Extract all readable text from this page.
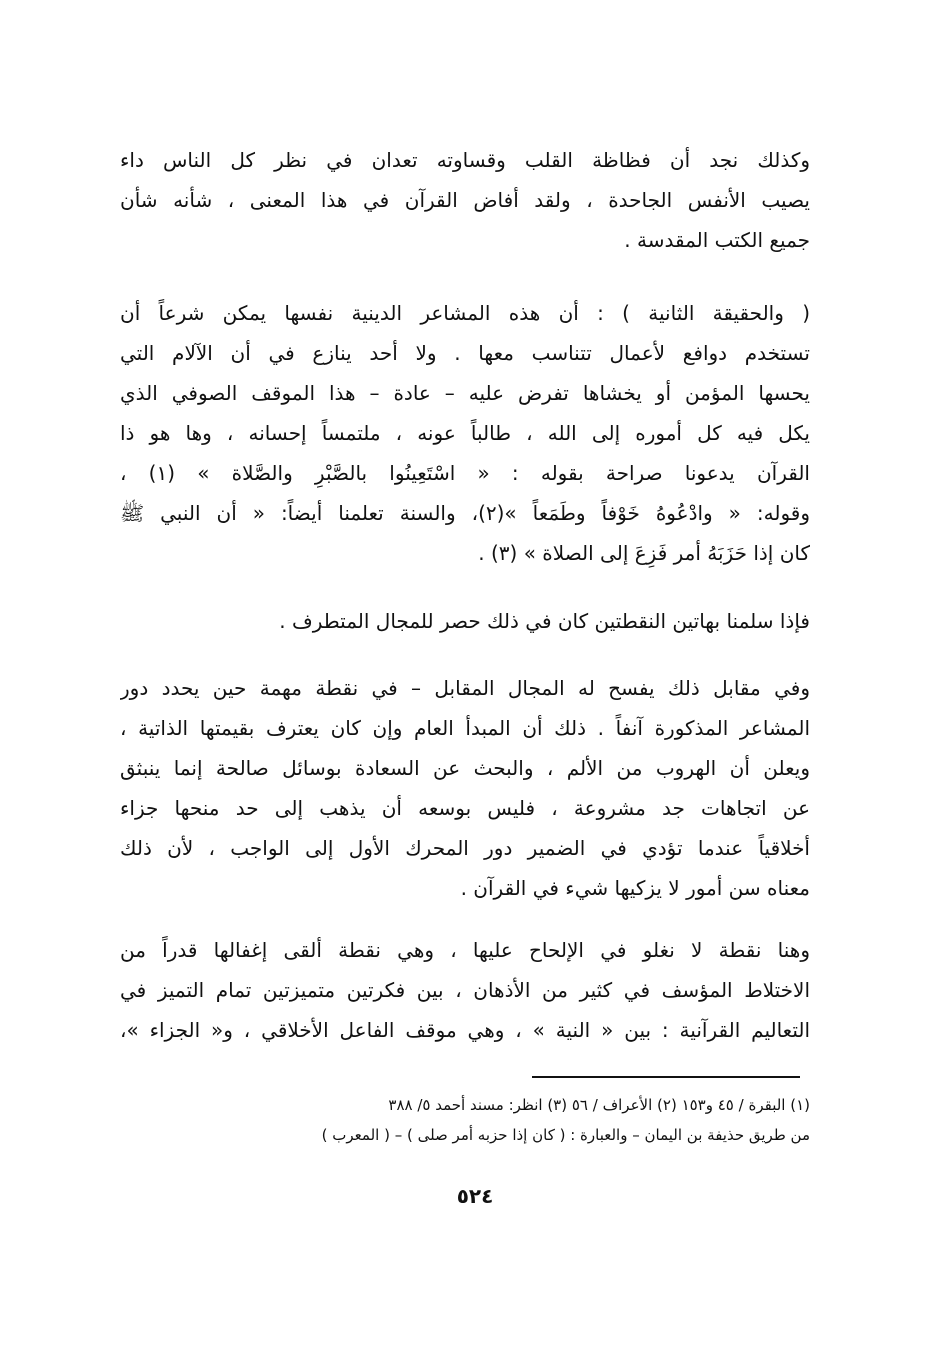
وكذلك نجد أن فظاظة القلب وقساوته تعدان في نظر كل الناس داء
يصيب الأنفس الجاحدة ، ولقد أفاض القرآن في هذا المعنى ، شأنه شأن
جميع الكتب المقدسة .
( والحقيقة الثانية ) : أن هذه المشاعر الدينية نفسها يمكن شرعاً أن
تستخدم دوافع لأعمال تتناسب معها . ولا أحد ينازع في أن الآلام التي
يحسها المؤمن أو يخشاها تفرض عليه – عادة – هذا الموقف الصوفي الذي
يكل فيه كل أموره إلى الله ، طالباً عونه ، ملتمساً إحسانه ، وها هو ذا
القرآن يدعونا صراحة بقوله : « اسْتَعِينُوا بالصَّبْرِ والصَّلاة » (١) ،
وقوله: « وادْعُوهُ خَوْفاً وطَمَعاً »(٢)، والسنة تعلمنا أيضاً: « أن النبي ﷺ
كان إذا حَزَبَهُ أمر فَزِعَ إلى الصلاة » (٣) .
فإذا سلمنا بهاتين النقطتين كان في ذلك حصر للمجال المتطرف .
وفي مقابل ذلك يفسح له المجال المقابل – في نقطة مهمة حين يحدد دور
المشاعر المذكورة آنفاً . ذلك أن المبدأ العام وإن كان يعترف بقيمتها الذاتية ،
ويعلن أن الهروب من الألم ، والبحث عن السعادة بوسائل صالحة إنما ينبثق
عن اتجاهات جد مشروعة ، فليس بوسعه أن يذهب إلى حد منحها جزاء
أخلاقياً عندما تؤدي في الضمير دور المحرك الأول إلى الواجب ، لأن ذلك
معناه سن أمور لا يزكيها شيء في القرآن .
وهنا نقطة لا نغلو في الإلحاح عليها ، وهي نقطة ألقى إغفالها قدراً من
الاختلاط المؤسف في كثير من الأذهان ، بين فكرتين متميزتين تمام التميز في
التعاليم القرآنية : بين « النية » ، وهي موقف الفاعل الأخلاقي ، و« الجزاء »،
(١) البقرة / ٤٥ و١٥٣ (٢) الأعراف / ٥٦ (٣) انظر: مسند أحمد ٥/ ٣٨٨
من طريق حذيفة بن اليمان – والعبارة : ( كان إذا حزبه أمر صلى ) – ( المعرب )
٥٢٤
